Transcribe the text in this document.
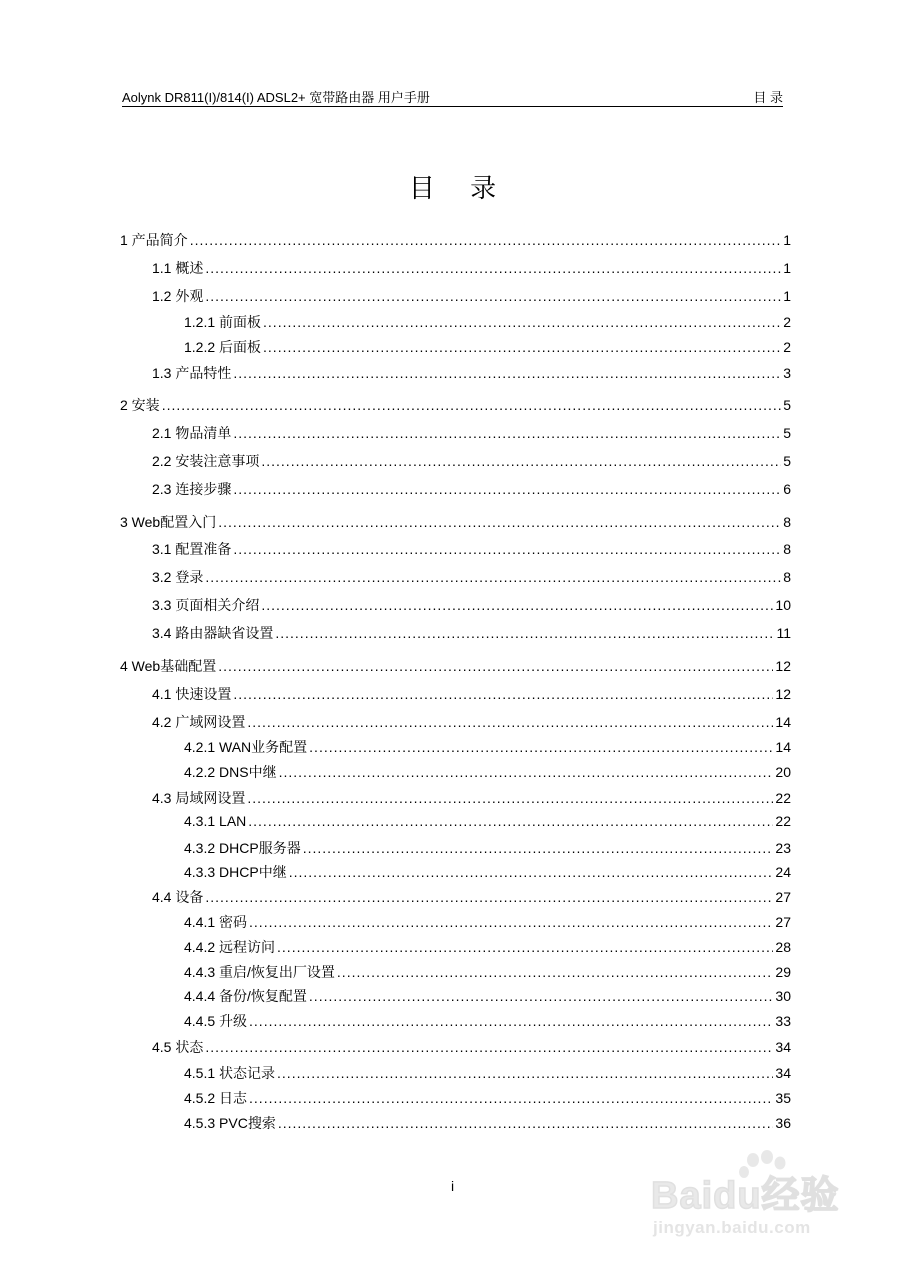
Aolynk DR811(I)/814(I) ADSL2+ 宽带路由器 用户手册	目 录
目 录
1 产品简介 .....	1
1.1 概述 .....	1
1.2 外观 .....	1
1.2.1 前面板 .....	2
1.2.2 后面板 .....	2
1.3 产品特性 .....	3
2 安装 .....	5
2.1 物品清单 .....	5
2.2 安装注意事项 .....	5
2.3 连接步骤 .....	6
3 Web配置入门 .....	8
3.1 配置准备 .....	8
3.2 登录 .....	8
3.3 页面相关介绍 .....	10
3.4 路由器缺省设置 .....	11
4 Web基础配置 .....	12
4.1 快速设置 .....	12
4.2 广域网设置 .....	14
4.2.1 WAN业务配置 .....	14
4.2.2 DNS中继 .....	20
4.3 局域网设置 .....	22
4.3.1 LAN .....	22
4.3.2 DHCP服务器 .....	23
4.3.3 DHCP中继 .....	24
4.4 设备 .....	27
4.4.1 密码 .....	27
4.4.2 远程访问 .....	28
4.4.3 重启/恢复出厂设置 .....	29
4.4.4 备份/恢复配置 .....	30
4.4.5 升级 .....	33
4.5 状态 .....	34
4.5.1 状态记录 .....	34
4.5.2 日志 .....	35
4.5.3 PVC搜索 .....	36
i	Baidu经验
jingyan.baidu.com
